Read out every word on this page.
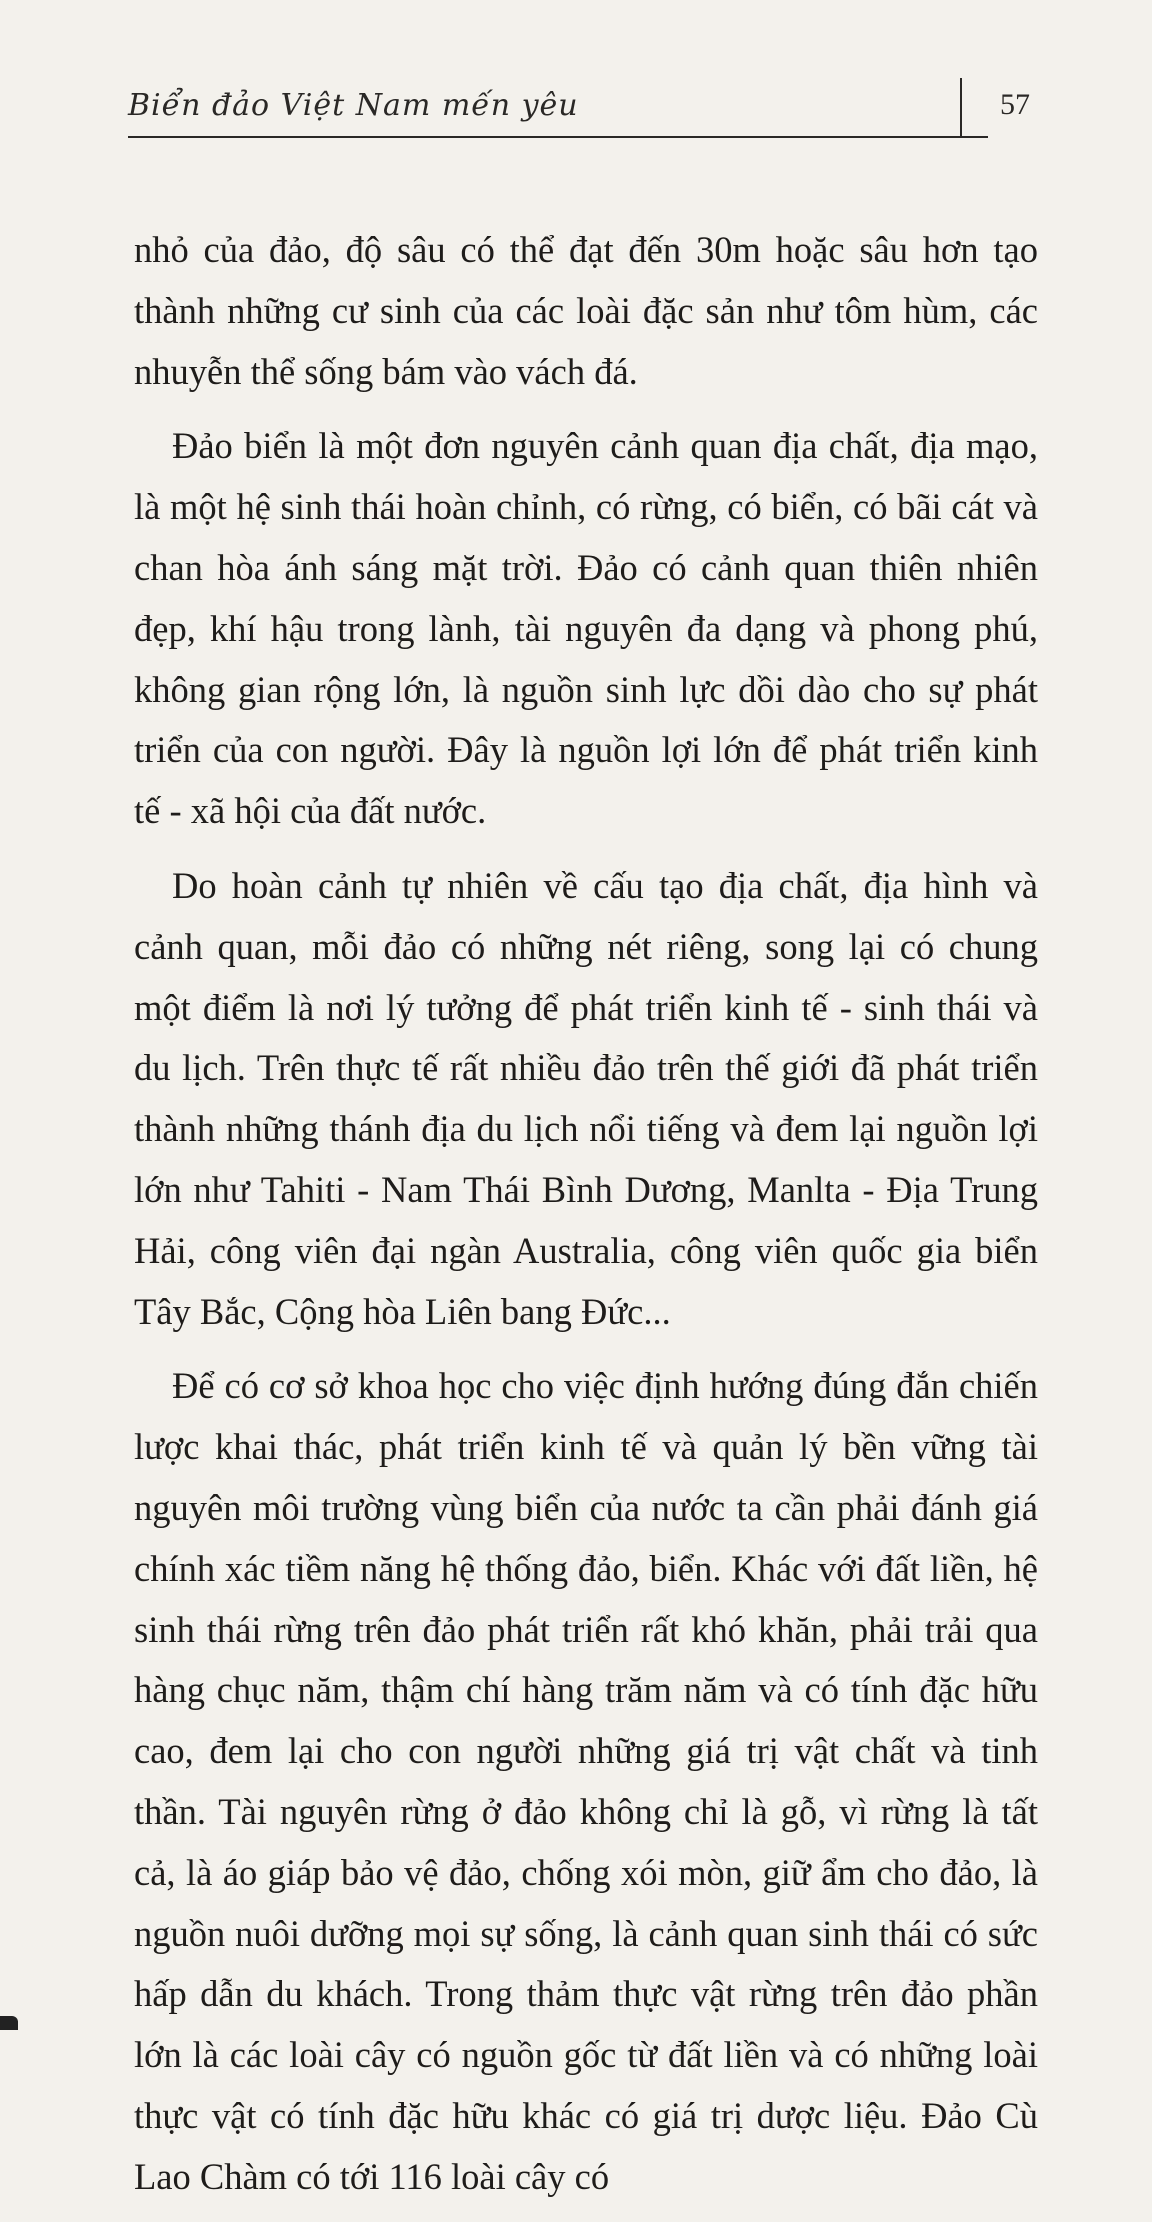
Biển đảo Việt Nam mến yêu	57

nhỏ của đảo, độ sâu có thể đạt đến 30m hoặc sâu hơn tạo thành những cư sinh của các loài đặc sản như tôm hùm, các nhuyễn thể sống bám vào vách đá.

Đảo biển là một đơn nguyên cảnh quan địa chất, địa mạo, là một hệ sinh thái hoàn chỉnh, có rừng, có biển, có bãi cát và chan hòa ánh sáng mặt trời. Đảo có cảnh quan thiên nhiên đẹp, khí hậu trong lành, tài nguyên đa dạng và phong phú, không gian rộng lớn, là nguồn sinh lực dồi dào cho sự phát triển của con người. Đây là nguồn lợi lớn để phát triển kinh tế - xã hội của đất nước.

Do hoàn cảnh tự nhiên về cấu tạo địa chất, địa hình và cảnh quan, mỗi đảo có những nét riêng, song lại có chung một điểm là nơi lý tưởng để phát triển kinh tế - sinh thái và du lịch. Trên thực tế rất nhiều đảo trên thế giới đã phát triển thành những thánh địa du lịch nổi tiếng và đem lại nguồn lợi lớn như Tahiti - Nam Thái Bình Dương, Manlta - Địa Trung Hải, công viên đại ngàn Australia, công viên quốc gia biển Tây Bắc, Cộng hòa Liên bang Đức...

Để có cơ sở khoa học cho việc định hướng đúng đắn chiến lược khai thác, phát triển kinh tế và quản lý bền vững tài nguyên môi trường vùng biển của nước ta cần phải đánh giá chính xác tiềm năng hệ thống đảo, biển. Khác với đất liền, hệ sinh thái rừng trên đảo phát triển rất khó khăn, phải trải qua hàng chục năm, thậm chí hàng trăm năm và có tính đặc hữu cao, đem lại cho con người những giá trị vật chất và tinh thần. Tài nguyên rừng ở đảo không chỉ là gỗ, vì rừng là tất cả, là áo giáp bảo vệ đảo, chống xói mòn, giữ ẩm cho đảo, là nguồn nuôi dưỡng mọi sự sống, là cảnh quan sinh thái có sức hấp dẫn du khách. Trong thảm thực vật rừng trên đảo phần lớn là các loài cây có nguồn gốc từ đất liền và có những loài thực vật có tính đặc hữu khác có giá trị dược liệu. Đảo Cù Lao Chàm có tới 116 loài cây có
